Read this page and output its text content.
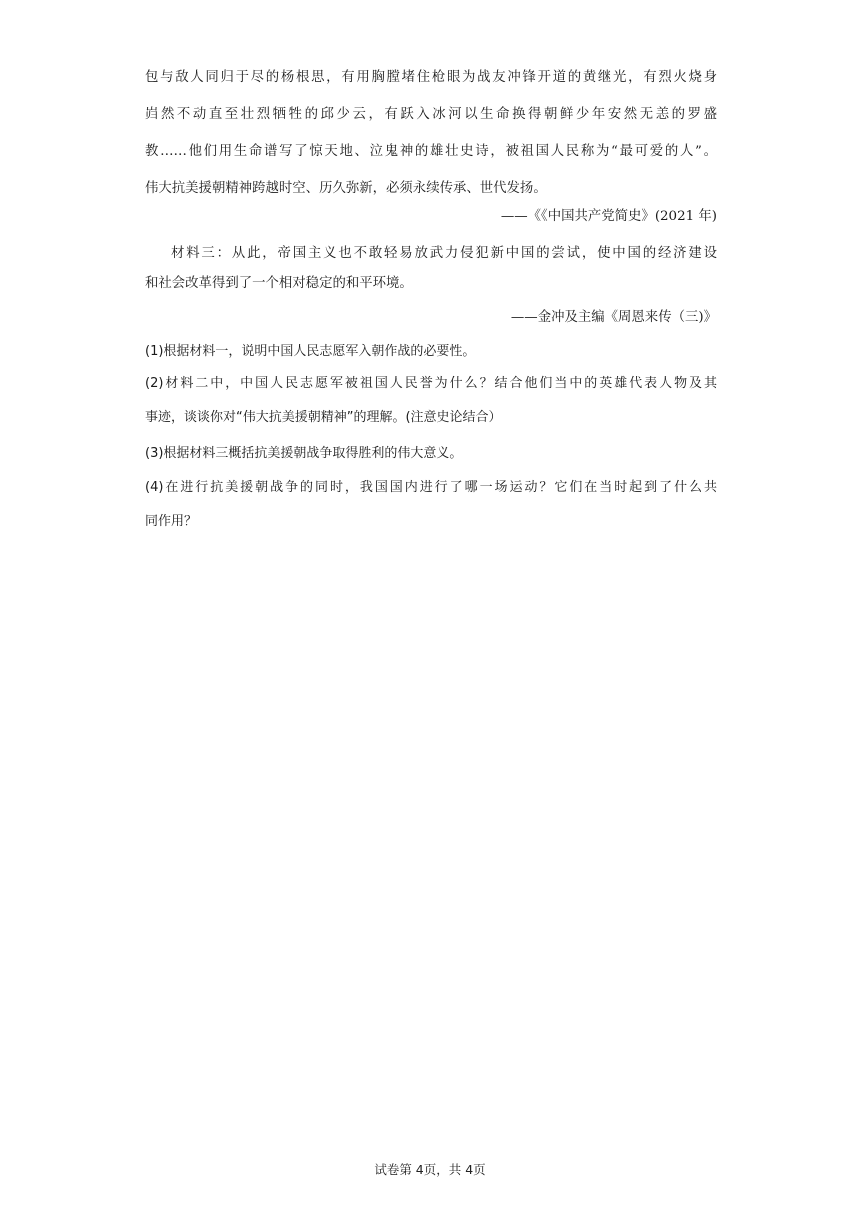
包与敌人同归于尽的杨根思，有用胸膛堵住枪眼为战友冲锋开道的黄继光，有烈火烧身
岿然不动直至壮烈牺牲的邱少云，有跃入冰河以生命换得朝鲜少年安然无恙的罗盛
教……他们用生命谱写了惊天地、泣鬼神的雄壮史诗，被祖国人民称为“最可爱的人”。
伟大抗美援朝精神跨越时空、历久弥新，必须永续传承、世代发扬。
——《《中国共产党简史》(2021 年)
材料三：从此，帝国主义也不敢轻易放武力侵犯新中国的尝试，使中国的经济建设
和社会改革得到了一个相对稳定的和平环境。
——金冲及主编《周恩来传（三)》
(1)根据材料一，说明中国人民志愿军入朝作战的必要性。
(2)材料二中，中国人民志愿军被祖国人民誉为什么？结合他们当中的英雄代表人物及其
事迹，谈谈你对“伟大抗美援朝精神”的理解。(注意史论结合）
(3)根据材料三概括抗美援朝战争取得胜利的伟大意义。
(4)在进行抗美援朝战争的同时，我国国内进行了哪一场运动？它们在当时起到了什么共
同作用？
试卷第 4页，共 4页
